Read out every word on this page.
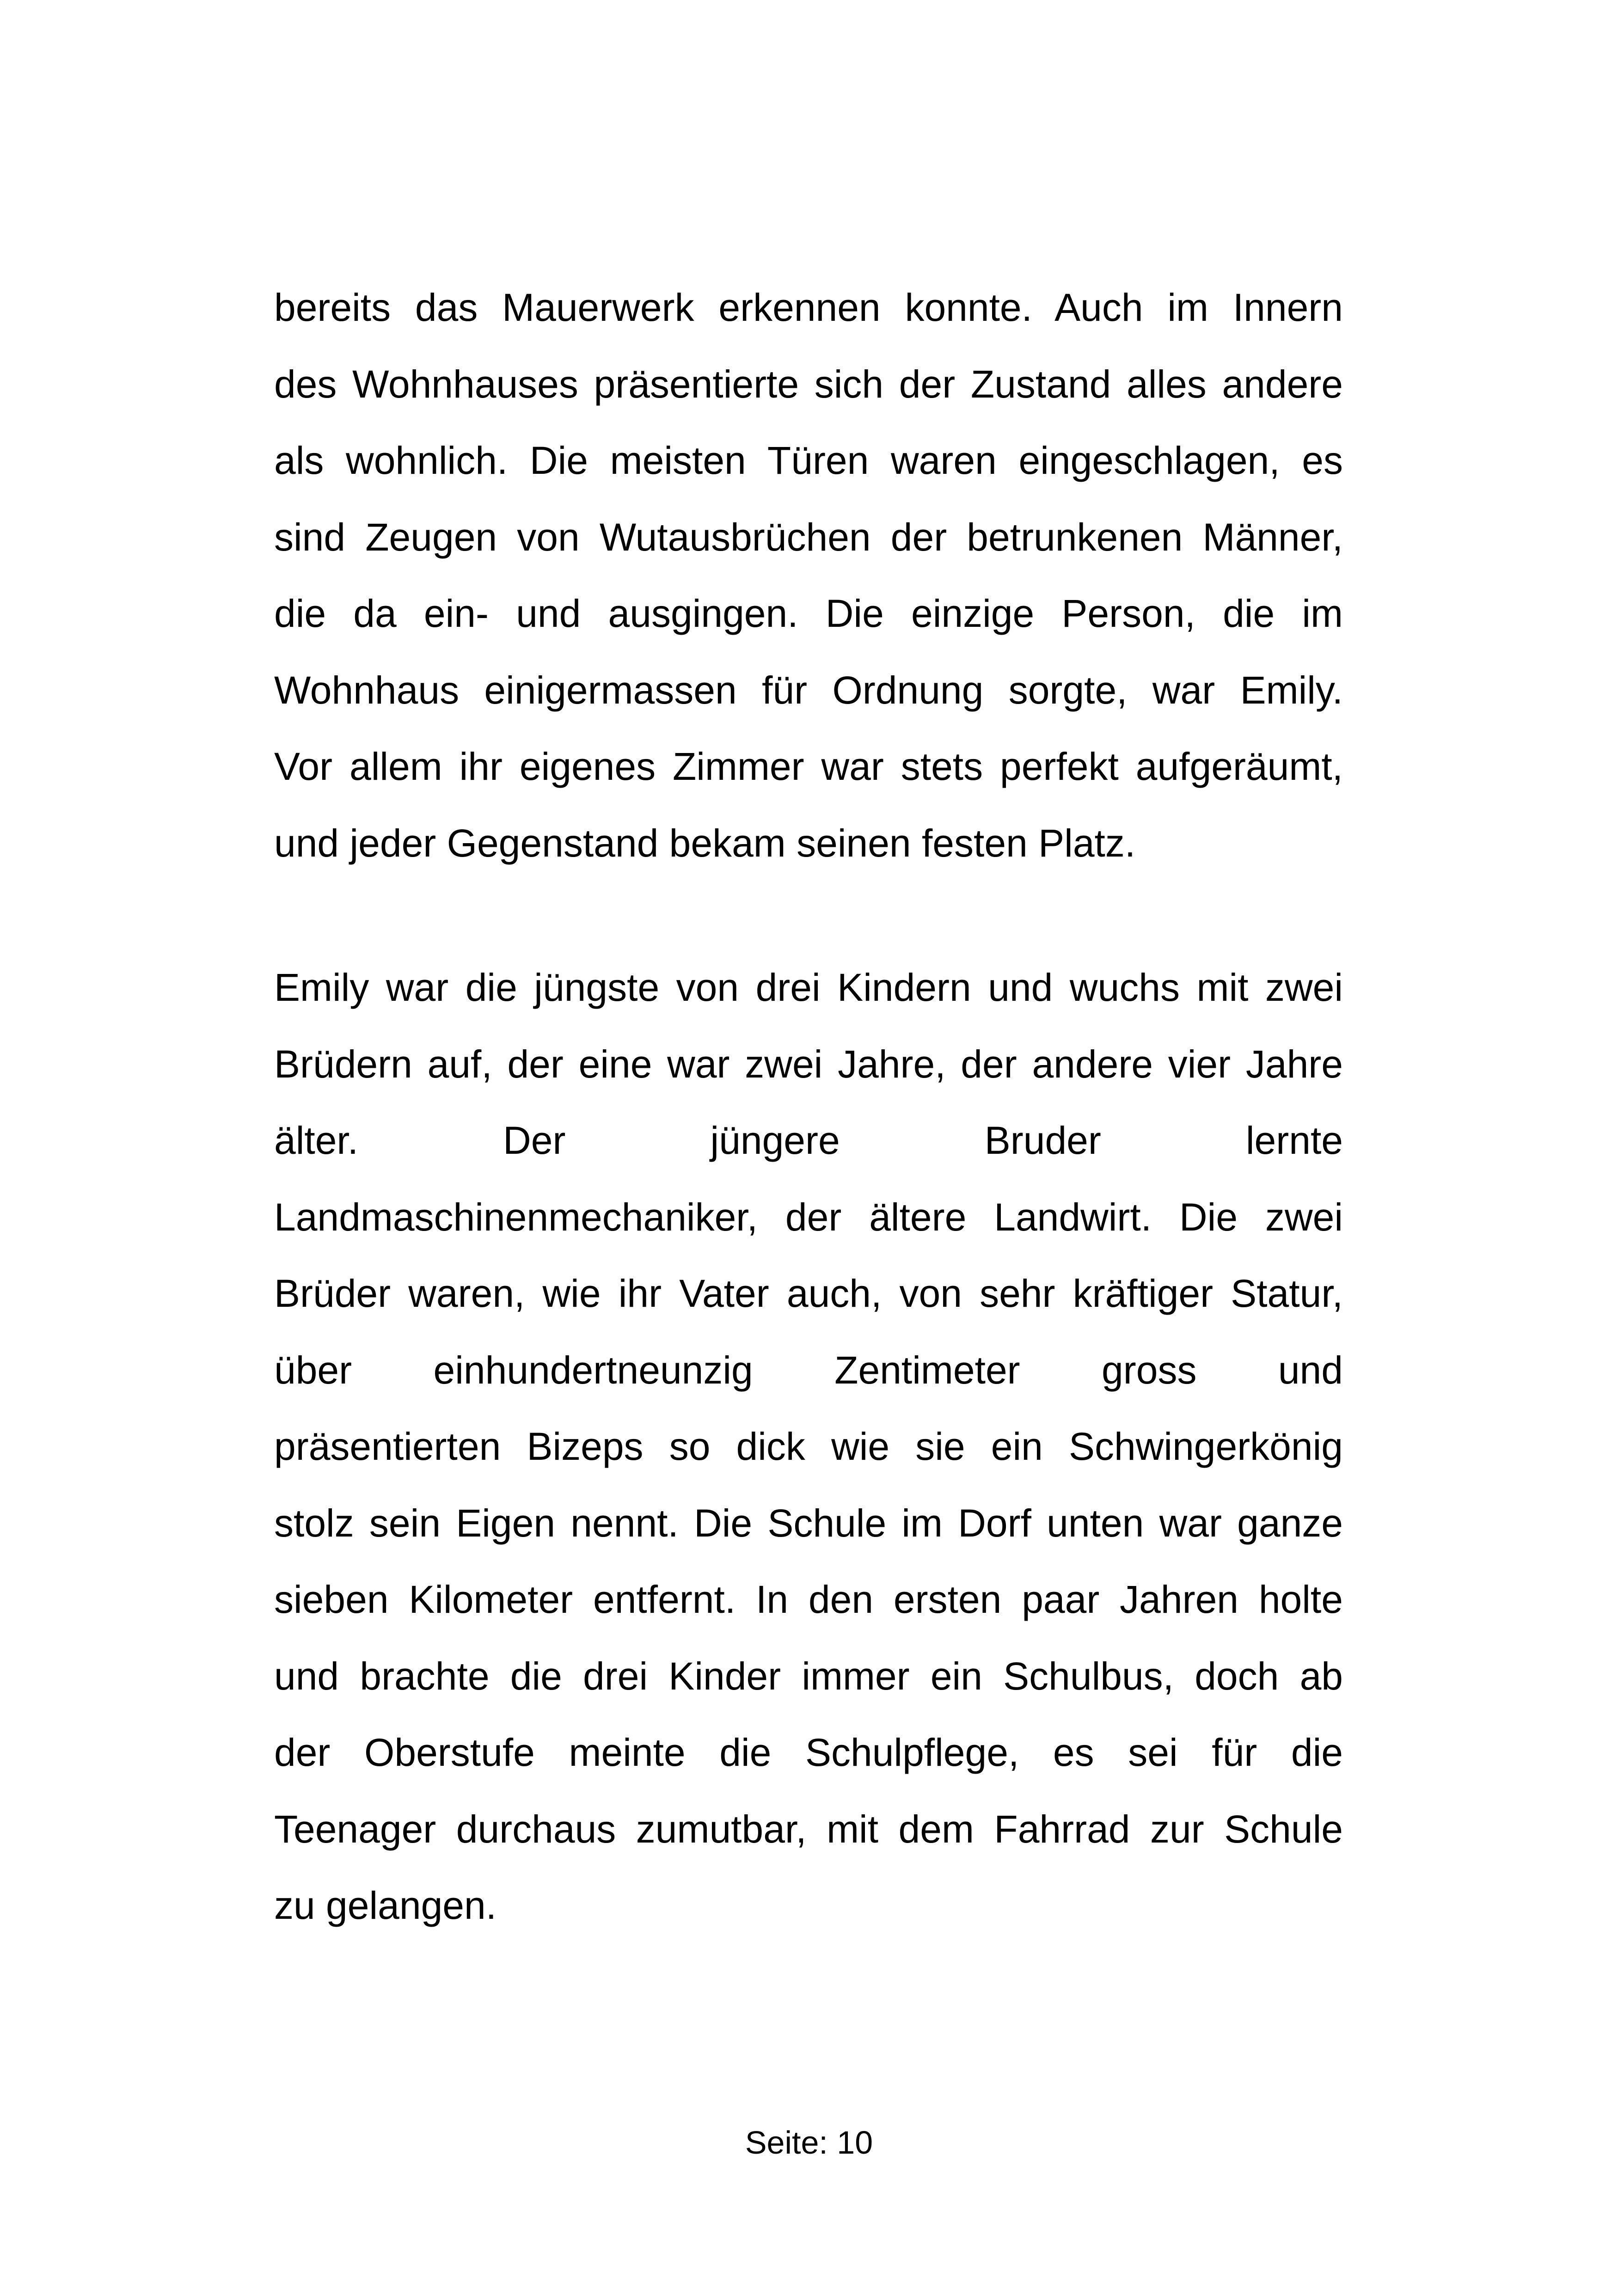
bereits das Mauerwerk erkennen konnte. Auch im Innern
des Wohnhauses präsentierte sich der Zustand alles andere
als wohnlich. Die meisten Türen waren eingeschlagen, es
sind Zeugen von Wutausbrüchen der betrunkenen Männer,
die da ein- und ausgingen. Die einzige Person, die im
Wohnhaus einigermassen für Ordnung sorgte, war Emily.
Vor allem ihr eigenes Zimmer war stets perfekt aufgeräumt,
und jeder Gegenstand bekam seinen festen Platz.
Emily war die jüngste von drei Kindern und wuchs mit zwei
Brüdern auf, der eine war zwei Jahre, der andere vier Jahre
älter. Der jüngere Bruder lernte
Landmaschinenmechaniker, der ältere Landwirt. Die zwei
Brüder waren, wie ihr Vater auch, von sehr kräftiger Statur,
über einhundertneunzig Zentimeter gross und
präsentierten Bizeps so dick wie sie ein Schwingerkönig
stolz sein Eigen nennt. Die Schule im Dorf unten war ganze
sieben Kilometer entfernt. In den ersten paar Jahren holte
und brachte die drei Kinder immer ein Schulbus, doch ab
der Oberstufe meinte die Schulpflege, es sei für die
Teenager durchaus zumutbar, mit dem Fahrrad zur Schule
zu gelangen.
Seite: 10
